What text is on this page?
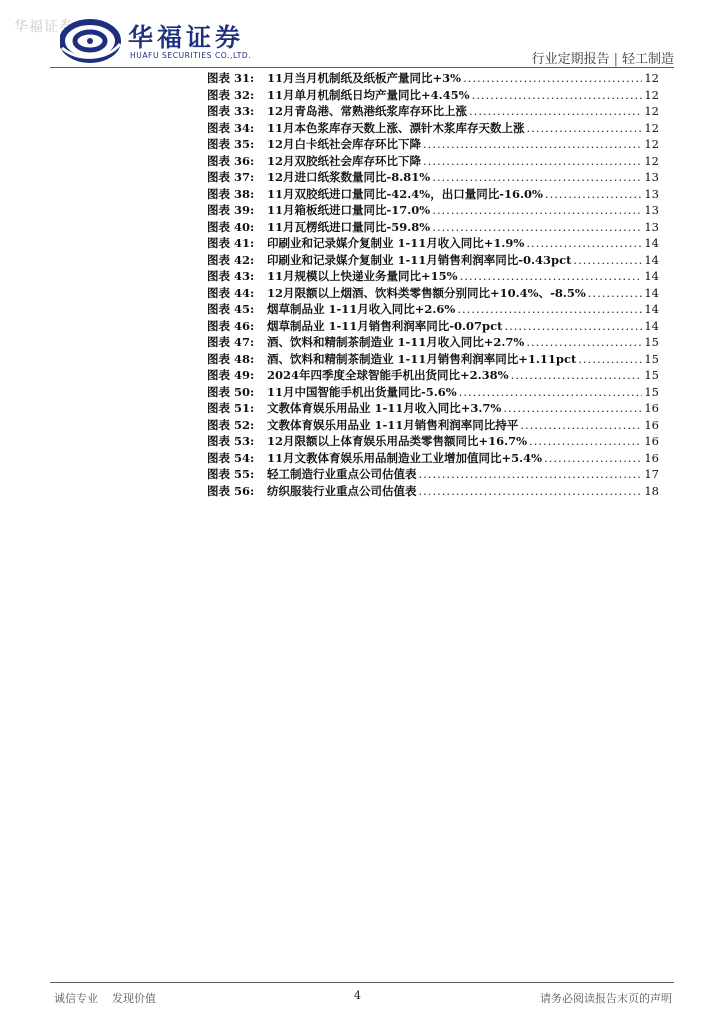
华福证券 华福证券
HUAFU SECURITIES CO.,LTD.	行业定期报告 | 轻工制造
图表 31:	11月当月机制纸及纸板产量同比+3% .....	12
图表 32:	11月单月机制纸日均产量同比+4.45% .....	12
图表 33:	12月青岛港、常熟港纸浆库存环比上涨 .....	12
图表 34:	11月本色浆库存天数上涨、漂针木浆库存天数上涨 .....	12
图表 35:	12月白卡纸社会库存环比下降 .....	12
图表 36:	12月双胶纸社会库存环比下降 .....	12
图表 37:	12月进口纸浆数量同比-8.81% .....	13
图表 38:	11月双胶纸进口量同比-42.4%，出口量同比-16.0% .....	13
图表 39:	11月箱板纸进口量同比-17.0% .....	13
图表 40:	11月瓦楞纸进口量同比-59.8% .....	13
图表 41:	印刷业和记录媒介复制业 1-11月收入同比+1.9% .....	14
图表 42:	印刷业和记录媒介复制业 1-11月销售利润率同比-0.43pct .....	14
图表 43:	11月规模以上快递业务量同比+15% .....	14
图表 44:	12月限额以上烟酒、饮料类零售额分别同比+10.4%、-8.5% .....	14
图表 45:	烟草制品业 1-11月收入同比+2.6% .....	14
图表 46:	烟草制品业 1-11月销售利润率同比-0.07pct .....	14
图表 47:	酒、饮料和精制茶制造业 1-11月收入同比+2.7% .....	15
图表 48:	酒、饮料和精制茶制造业 1-11月销售利润率同比+1.11pct .....	15
图表 49:	2024年四季度全球智能手机出货同比+2.38% .....	15
图表 50:	11月中国智能手机出货量同比-5.6% .....	15
图表 51:	文教体育娱乐用品业 1-11月收入同比+3.7% .....	16
图表 52:	文教体育娱乐用品业 1-11月销售利润率同比持平 .....	16
图表 53:	12月限额以上体育娱乐用品类零售额同比+16.7% .....	16
图表 54:	11月文教体育娱乐用品制造业工业增加值同比+5.4% .....	16
图表 55:	轻工制造行业重点公司估值表 .....	17
图表 56:	纺织服装行业重点公司估值表 .....	18
诚信专业 发现价值	4	请务必阅读报告末页的声明
